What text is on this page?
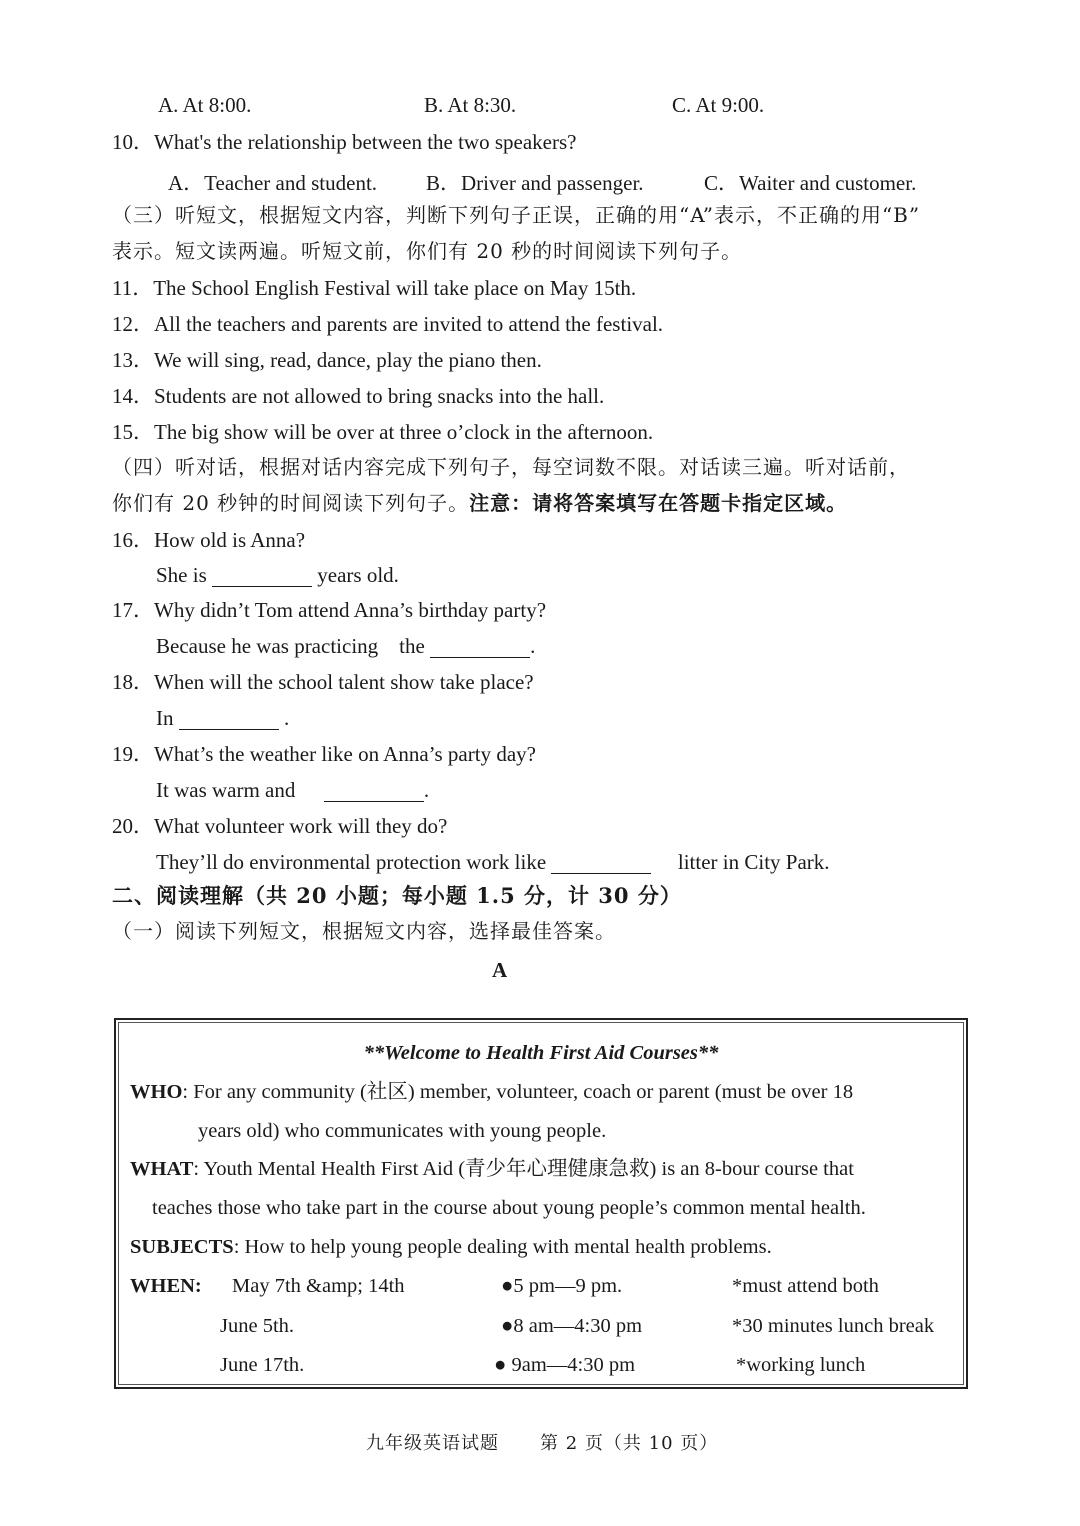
A. At 8:00.	B. At 8:30.	C. At 9:00.
10．What's the relationship between the two speakers?
A．Teacher and student. B．Driver and passenger.	C．Waiter and customer.
（三）听短文，根据短文内容，判断下列句子正误，正确的用“A”表示，不正确的用“B”
表示。短文读两遍。听短文前，你们有 20 秒的时间阅读下列句子。
11．The School English Festival will take place on May 15th.
12．All the teachers and parents are invited to attend the festival.
13．We will sing, read, dance, play the piano then.
14．Students are not allowed to bring snacks into the hall.
15．The big show will be over at three o’clock in the afternoon.
（四）听对话，根据对话内容完成下列句子，每空词数不限。对话读三遍。听对话前，
你们有 20 秒钟的时间阅读下列句子。注意：请将答案填写在答题卡指定区域。
16．How old is Anna?
She is	years old.
17．Why didn’t Tom attend Anna’s birthday party?
Because he was practicing    the	.
18．When will the school talent show take place?
In	.
19．What’s the weather like on Anna’s party day?
It was warm and	.
20．What volunteer work will they do?
They’ll do environmental protection work like	litter in City Park.
二、阅读理解（共 20 小题；每小题 1.5 分，计 30 分）
（一）阅读下列短文，根据短文内容，选择最佳答案。
A
**Welcome to Health First Aid Courses**
WHO: For any community (社区) member, volunteer, coach or parent (must be over 18
years old) who communicates with young people.
WHAT: Youth Mental Health First Aid (青少年心理健康急救) is an 8-bour course that
teaches those who take part in the course about young people’s common mental health.
SUBJECTS: How to help young people dealing with mental health problems.
WHEN: May 7th &amp; 14th	●5 pm—9 pm.	*must attend both
June 5th.	●8 am—4:30 pm	*30 minutes lunch break
June 17th.	● 9am—4:30 pm	*working lunch
九年级英语试题 第 2 页（共 10 页）
